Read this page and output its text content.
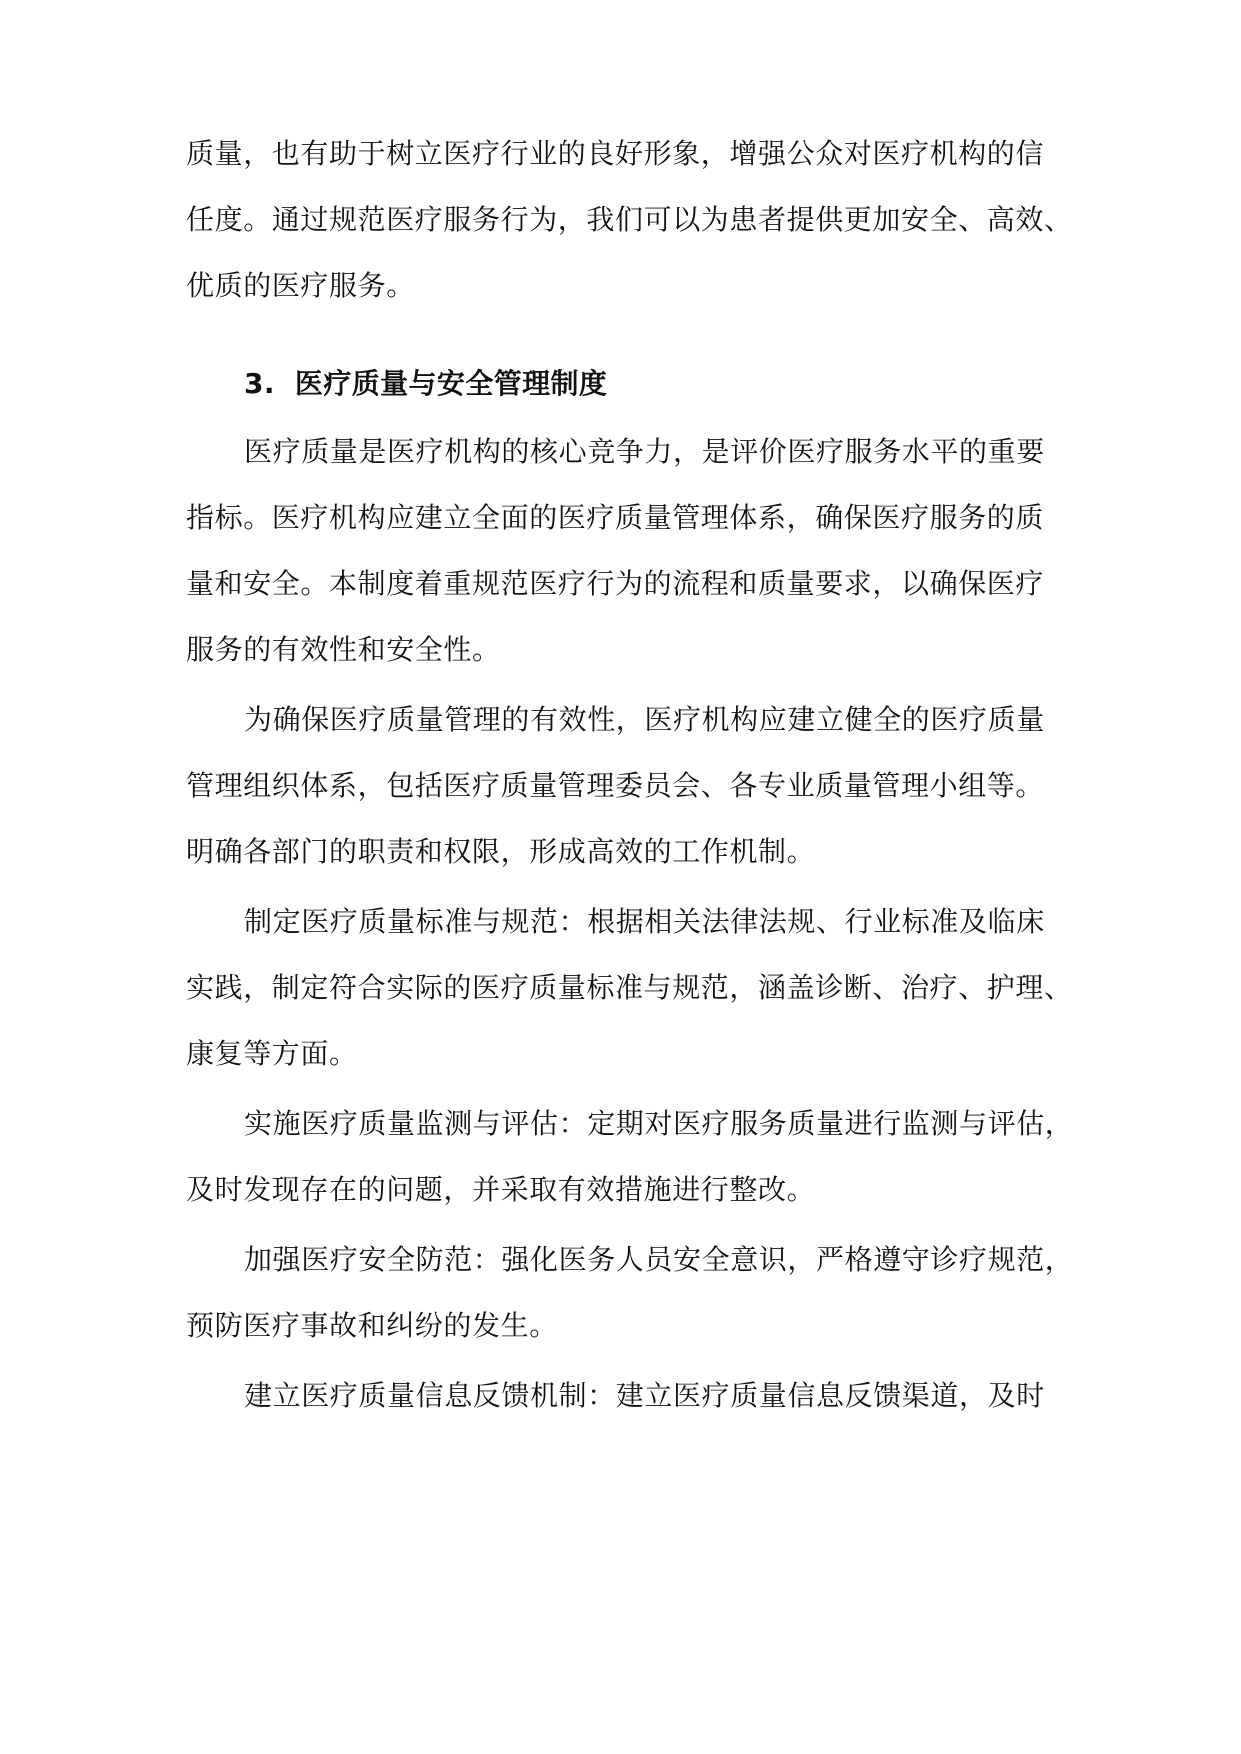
质量，也有助于树立医疗行业的良好形象，增强公众对医疗机构的信
任度。通过规范医疗服务行为，我们可以为患者提供更加安全、高效、
优质的医疗服务。
3. 医疗质量与安全管理制度
医疗质量是医疗机构的核心竞争力，是评价医疗服务水平的重要
指标。医疗机构应建立全面的医疗质量管理体系，确保医疗服务的质
量和安全。本制度着重规范医疗行为的流程和质量要求，以确保医疗
服务的有效性和安全性。
为确保医疗质量管理的有效性，医疗机构应建立健全的医疗质量
管理组织体系，包括医疗质量管理委员会、各专业质量管理小组等。
明确各部门的职责和权限，形成高效的工作机制。
制定医疗质量标准与规范：根据相关法律法规、行业标准及临床
实践，制定符合实际的医疗质量标准与规范，涵盖诊断、治疗、护理、
康复等方面。
实施医疗质量监测与评估：定期对医疗服务质量进行监测与评估，
及时发现存在的问题，并采取有效措施进行整改。
加强医疗安全防范：强化医务人员安全意识，严格遵守诊疗规范，
预防医疗事故和纠纷的发生。
建立医疗质量信息反馈机制：建立医疗质量信息反馈渠道，及时
